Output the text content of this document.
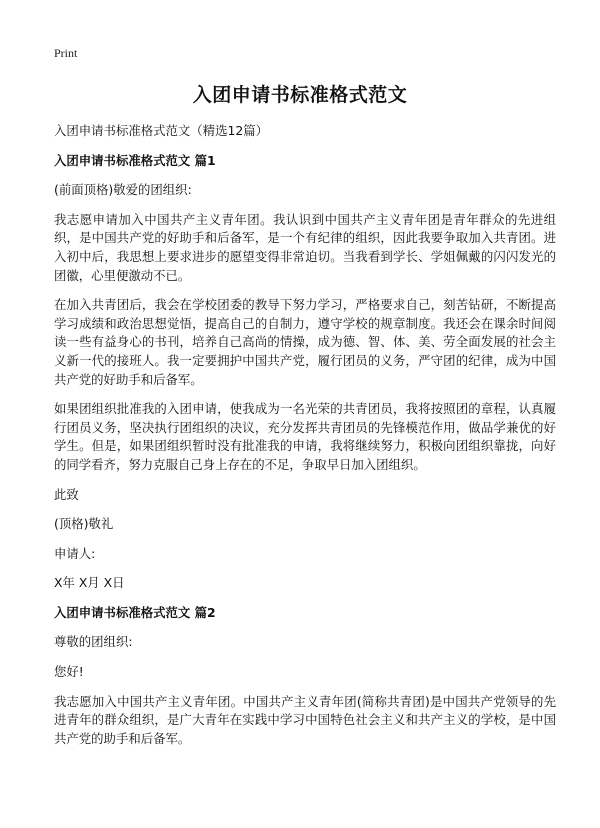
Print
入团申请书标准格式范文

入团申请书标准格式范文（精选12篇）

入团申请书标准格式范文 篇1

(前面顶格)敬爱的团组织:

我志愿申请加入中国共产主义青年团。我认识到中国共产主义青年团是青年群众的先进组织，是中国共产党的好助手和后备军，是一个有纪律的组织，因此我要争取加入共青团。进入初中后，我思想上要求进步的愿望变得非常迫切。当我看到学长、学姐佩戴的闪闪发光的团徽，心里便激动不已。

在加入共青团后，我会在学校团委的教导下努力学习，严格要求自己，刻苦钻研，不断提高学习成绩和政治思想觉悟，提高自己的自制力，遵守学校的规章制度。我还会在课余时间阅读一些有益身心的书刊，培养自己高尚的情操，成为德、智、体、美、劳全面发展的社会主义新一代的接班人。我一定要拥护中国共产党，履行团员的义务，严守团的纪律，成为中国共产党的好助手和后备军。

如果团组织批准我的入团申请，使我成为一名光荣的共青团员，我将按照团的章程，认真履行团员义务，坚决执行团组织的决议，充分发挥共青团员的先锋模范作用，做品学兼优的好学生。但是，如果团组织暂时没有批准我的申请，我将继续努力，积极向团组织靠拢，向好的同学看齐，努力克服自己身上存在的不足，争取早日加入团组织。

此致

(顶格)敬礼

申请人:

X年 X月 X日

入团申请书标准格式范文 篇2

尊敬的团组织:

您好!

我志愿加入中国共产主义青年团。中国共产主义青年团(简称共青团)是中国共产党领导的先进青年的群众组织，是广大青年在实践中学习中国特色社会主义和共产主义的学校，是中国共产党的助手和后备军。
